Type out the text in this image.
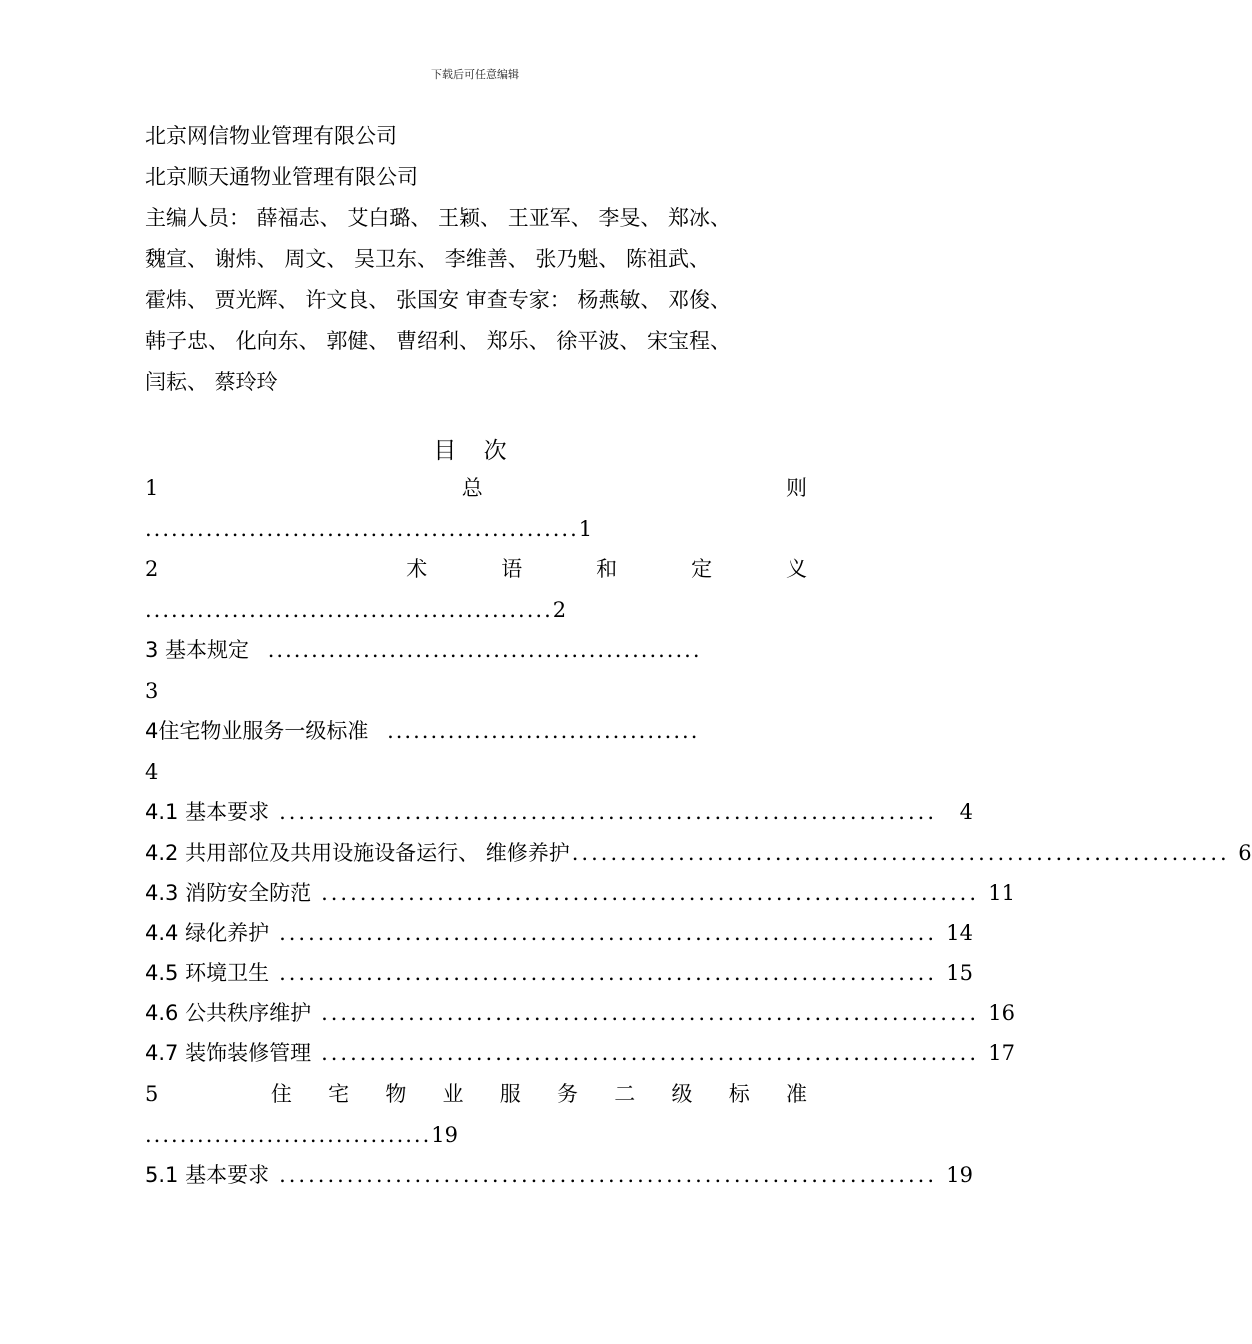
下载后可任意编辑
北京网信物业管理有限公司
北京顺天通物业管理有限公司
主编人员： 薛福志、 艾白璐、 王颖、 王亚军、 李旻、 郑冰、
魏宣、 谢炜、 周文、 吴卫东、 李维善、 张乃魁、 陈祖武、
霍炜、 贾光辉、 许文良、 张国安 审查专家： 杨燕敏、 邓俊、
韩子忠、 化向东、 郭健、 曹绍利、 郑乐、 徐平波、 宋宝程、
闫耘、 蔡玲玲
目 次
1	总	则
..................................................1
2	术	语	和	定	义
...............................................2
3 基本规定 ..................................................
3
4住宅物业服务一级标准 ....................................
4
4.1 基本要求 ....................................................................	4
4.2 共用部位及共用设施设备运行、 维修养护 .................................................................... 6
4.3 消防安全防范 .................................................................... 11
4.4 绿化养护 .................................................................... 14
4.5 环境卫生 .................................................................... 15
4.6 公共秩序维护 .................................................................... 16
4.7 装饰装修管理 .................................................................... 17
5	住 宅 物 业 服 务 二 级 标 准
.................................19
5.1 基本要求 .................................................................... 19
